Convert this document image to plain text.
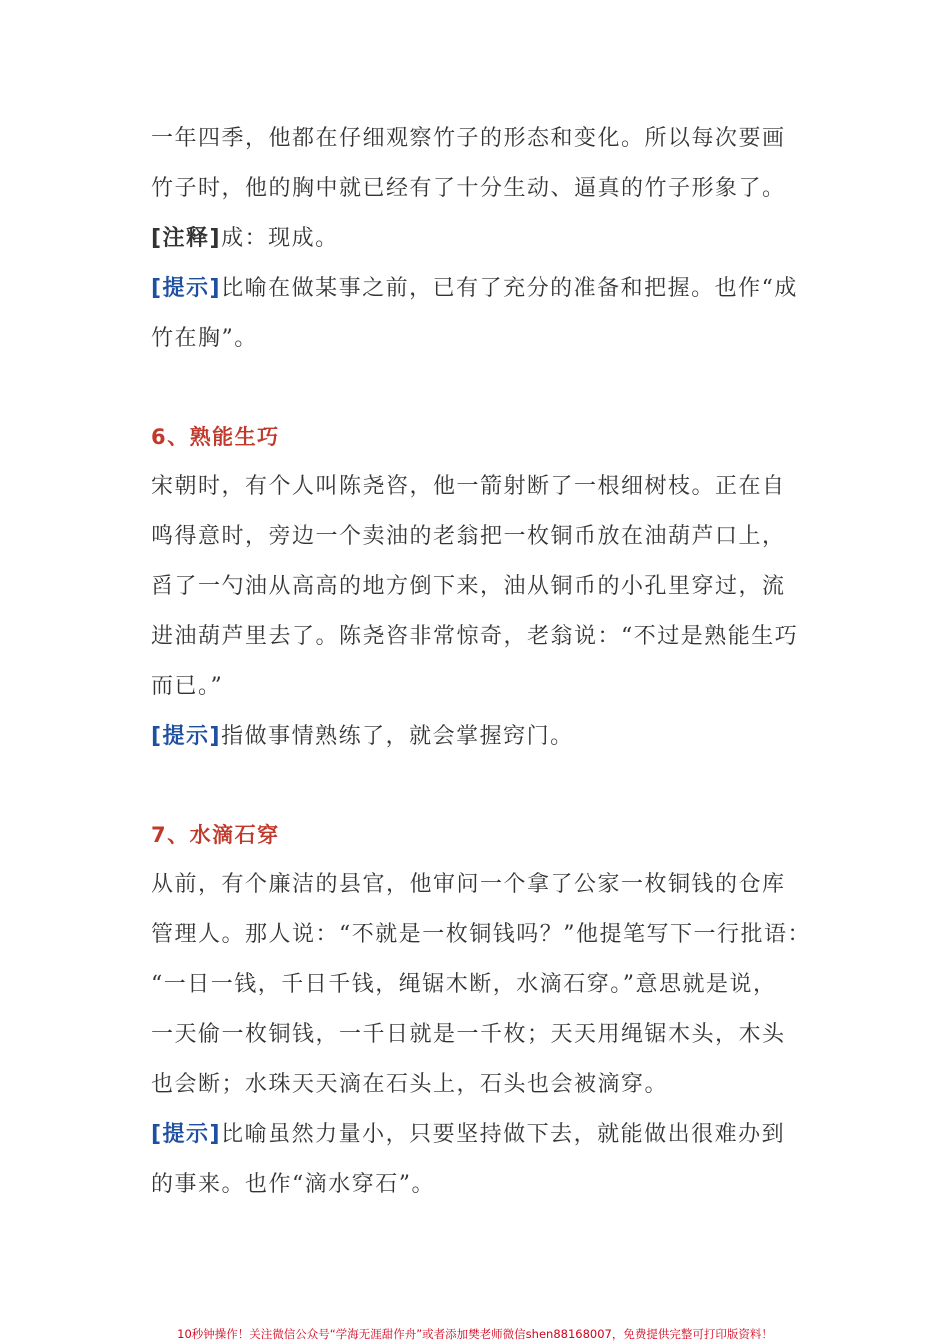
一年四季，他都在仔细观察竹子的形态和变化。所以每次要画
竹子时，他的胸中就已经有了十分生动、逼真的竹子形象了。
[注释]成：现成。
[提示]比喻在做某事之前，已有了充分的准备和把握。也作“成
竹在胸”。
6、熟能生巧
宋朝时，有个人叫陈尧咨，他一箭射断了一根细树枝。正在自
鸣得意时，旁边一个卖油的老翁把一枚铜币放在油葫芦口上，
舀了一勺油从高高的地方倒下来，油从铜币的小孔里穿过，流
进油葫芦里去了。陈尧咨非常惊奇，老翁说：“不过是熟能生巧
而已。”
[提示]指做事情熟练了，就会掌握窍门。
7、水滴石穿
从前，有个廉洁的县官，他审问一个拿了公家一枚铜钱的仓库
管理人。那人说：“不就是一枚铜钱吗？”他提笔写下一行批语：
“一日一钱，千日千钱，绳锯木断，水滴石穿。”意思就是说，
一天偷一枚铜钱，一千日就是一千枚；天天用绳锯木头，木头
也会断；水珠天天滴在石头上，石头也会被滴穿。
[提示]比喻虽然力量小，只要坚持做下去，就能做出很难办到
的事来。也作“滴水穿石”。
10秒钟操作！关注微信公众号“学海无涯甜作舟”或者添加樊老师微信shen88168007，免费提供完整可打印版资料！
